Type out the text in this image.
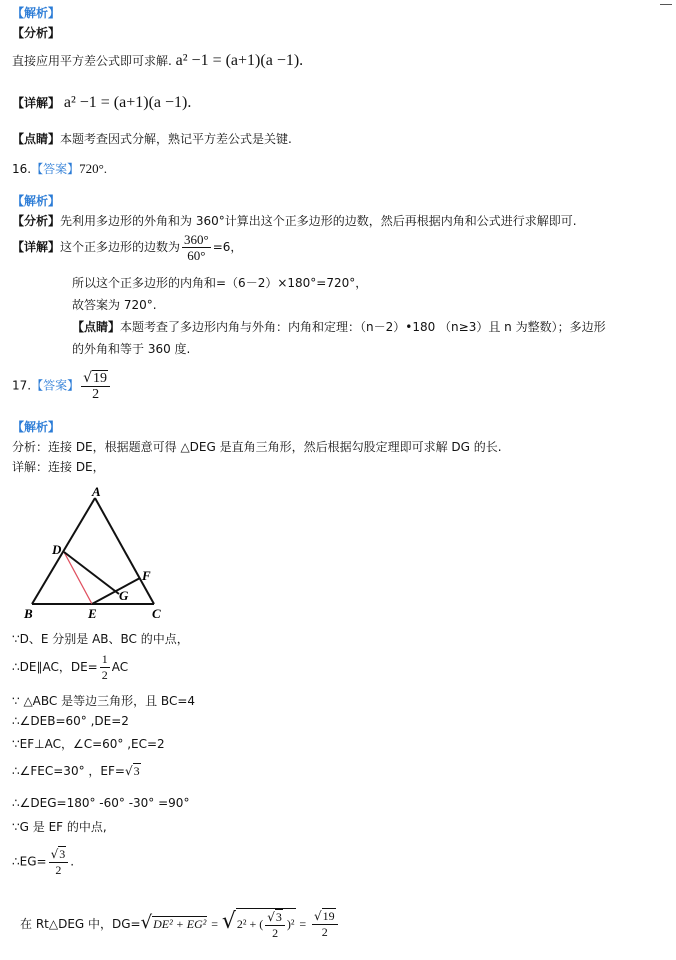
【解析】
【分析】
直接应用平方差公式即可求解. a² −1 = (a+1)(a −1).
【详解】 a² −1 = (a+1)(a −1).
【点睛】本题考查因式分解，熟记平方差公式是关键.
16.【答案】720°.
【解析】
【分析】先利用多边形的外角和为 360°计算出这个正多边形的边数，然后再根据内角和公式进行求解即可.
【详解】这个正多边形的边数为 $\frac{360^\circ}{60^\circ} =6$，
所以这个正多边形的内角和=（6－2）×180°=720°，
故答案为 720°.
【点睛】本题考查了多边形内角与外角：内角和定理：（n－2）•180 （n≥3）且 n 为整数）；多边形
的外角和等于 360 度.
17.【答案】 $\frac{√19}{2}$
【解析】
分析：连接 DE，根据题意可得 △DEG 是直角三角形，然后根据勾股定理即可求解 DG 的长.
详解：连接 DE，
A
D
F
G
B	E	C
∵D、E 分别是 AB、BC 的中点，
∴DE∥AC，$DE= \frac{1}{2}$ AC
∵ △ABC 是等边三角形，且 BC=4
∴∠DEB=60° ,DE=2
∵EF⊥AC，∠C=60° ,EC=2
∴∠FEC=30° ，EF=√3
∴∠DEG=180° -60° -30° =90°
∵G 是 EF 的中点,
∴EG= $\frac{√3}{2}$ .
在 Rt△DEG 中，DG=√DE² + EG² = √2² + ( $\frac{√3}{2} )^2 = \frac{√19}{2}$
